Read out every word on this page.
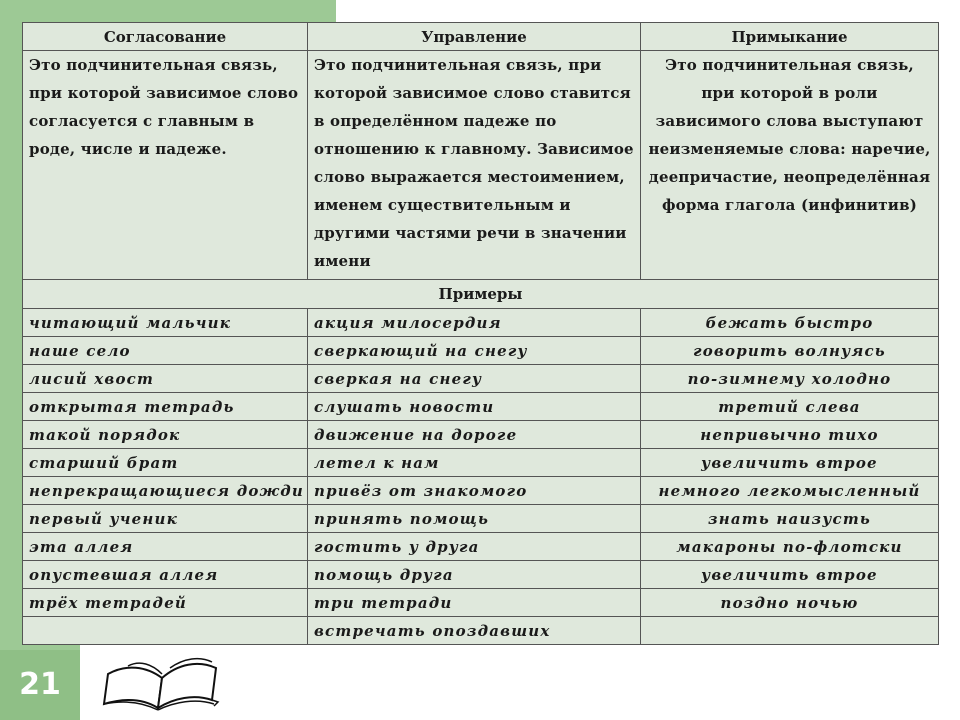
Согласование	Управление	Примыкание
Это подчинительная связь, при которой зависимое слово согласуется с главным в роде, числе и падеже.	Это подчинительная связь, при которой зависимое слово ставится в определённом падеже по отношению к главному. Зависимое слово выражается местоимением, именем существительным и другими частями речи в значении имени	Это подчинительная связь, при которой в роли зависимого слова выступают неизменяемые слова: наречие, деепричастие, неопределённая форма глагола (инфинитив)
Примеры		
читающий мальчик	акция милосердия	бежать быстро
наше село	сверкающий на снегу	говорить волнуясь
лисий хвост	сверкая на снегу	по-зимнему холодно
открытая тетрадь	слушать новости	третий слева
такой порядок	движение на дороге	непривычно тихо
старший брат	летел к нам	увеличить втрое
непрекращающиеся дожди	привёз от знакомого	немного легкомысленный
первый ученик	принять помощь	знать наизусть
эта аллея	гостить у друга	макароны по-флотски
опустевшая аллея	помощь друга	увеличить втрое
трёх тетрадей	три тетради	поздно ночью
	встречать опоздавших	
21
